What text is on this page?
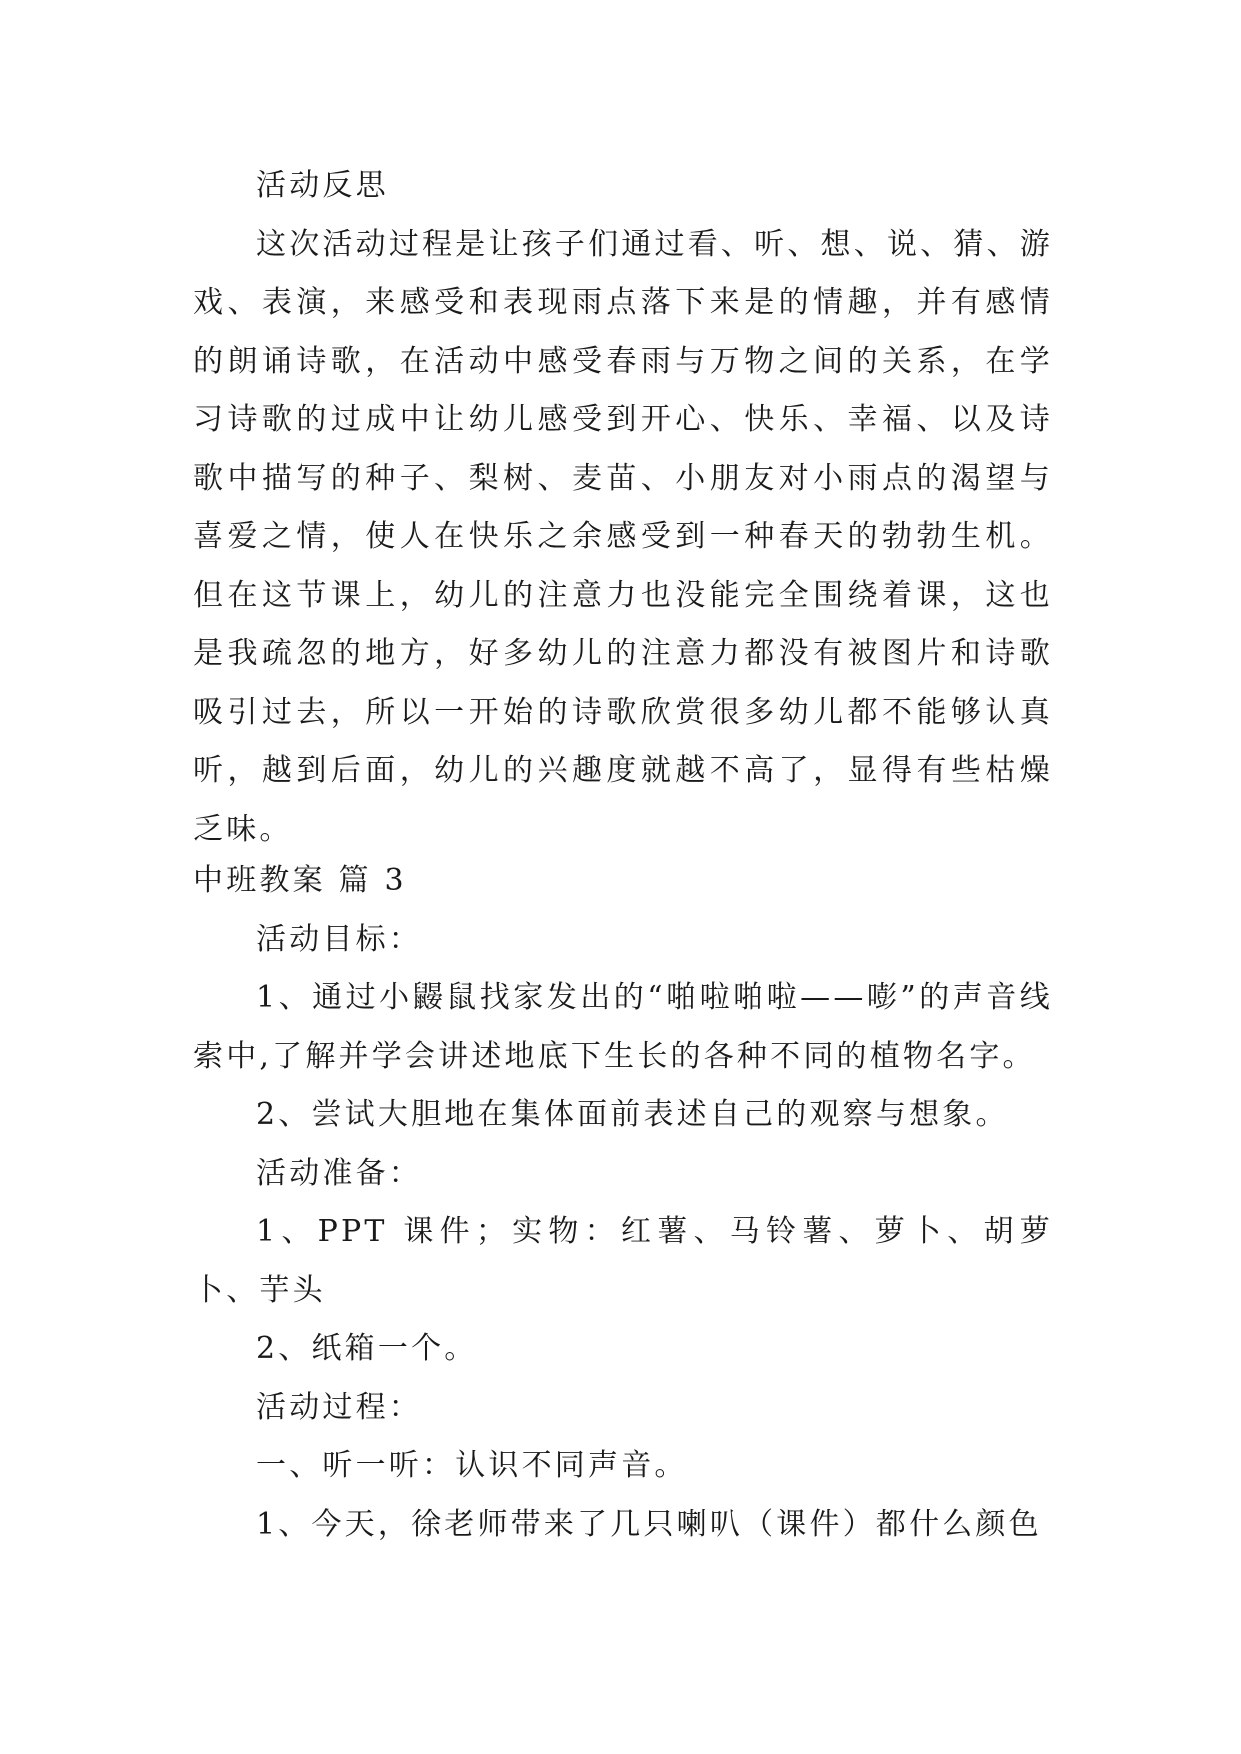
活动反思

这次活动过程是让孩子们通过看、听、想、说、猜、游戏、表演，来感受和表现雨点落下来是的情趣，并有感情的朗诵诗歌，在活动中感受春雨与万物之间的关系，在学习诗歌的过成中让幼儿感受到开心、快乐、幸福、以及诗歌中描写的种子、梨树、麦苗、小朋友对小雨点的渴望与喜爱之情，使人在快乐之余感受到一种春天的勃勃生机。但在这节课上，幼儿的注意力也没能完全围绕着课，这也是我疏忽的地方，好多幼儿的注意力都没有被图片和诗歌吸引过去，所以一开始的诗歌欣赏很多幼儿都不能够认真听，越到后面，幼儿的兴趣度就越不高了，显得有些枯燥乏味。

中班教案 篇 3

活动目标：

1、通过小鼹鼠找家发出的“啪啦啪啦——嘭”的声音线索中,了解并学会讲述地底下生长的各种不同的植物名字。

2、尝试大胆地在集体面前表述自己的观察与想象。

活动准备：

1、PPT 课件；实物：红薯、马铃薯、萝卜、胡萝卜、芋头

2、纸箱一个。

活动过程：

一、听一听：认识不同声音。

1、今天，徐老师带来了几只喇叭（课件）都什么颜色
